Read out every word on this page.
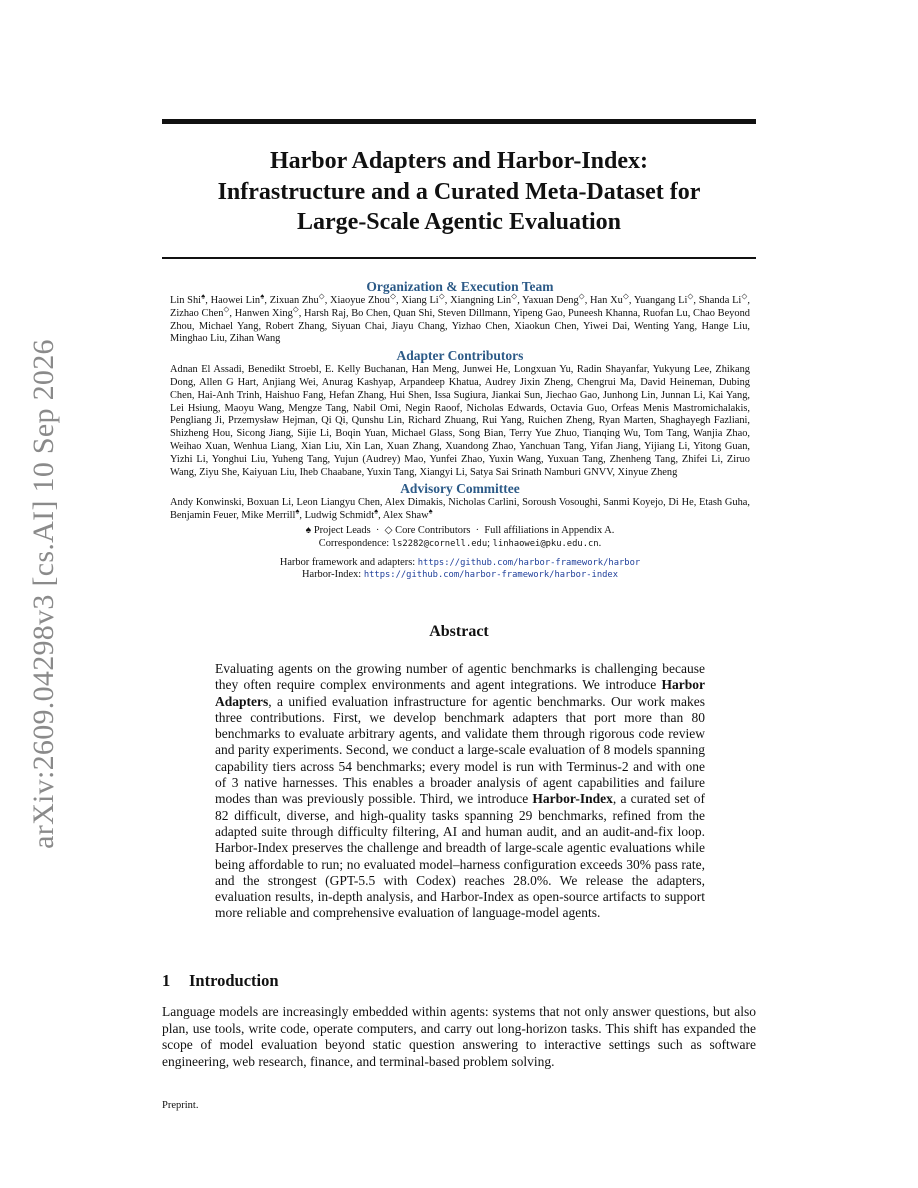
arXiv:2609.04298v3 [cs.AI] 10 Sep 2026
Harbor Adapters and Harbor-Index:
Infrastructure and a Curated Meta-Dataset for
Large-Scale Agentic Evaluation
Organization & Execution Team
Lin Shi♠, Haowei Lin♠, Zixuan Zhu◇, Xiaoyue Zhou◇, Xiang Li◇, Xiangning Lin◇, Yaxuan Deng◇, Han Xu◇, Yuangang Li◇, Shanda Li◇, Zizhao Chen◇, Hanwen Xing◇, Harsh Raj, Bo Chen, Quan Shi, Steven Dillmann, Yipeng Gao, Puneesh Khanna, Ruofan Lu, Chao Beyond Zhou, Michael Yang, Robert Zhang, Siyuan Chai, Jiayu Chang, Yizhao Chen, Xiaokun Chen, Yiwei Dai, Wenting Yang, Hange Liu, Minghao Liu, Zihan Wang
Adapter Contributors
Adnan El Assadi, Benedikt Stroebl, E. Kelly Buchanan, Han Meng, Junwei He, Longxuan Yu, Radin Shayanfar, Yukyung Lee, Zhikang Dong, Allen G Hart, Anjiang Wei, Anurag Kashyap, Arpandeep Khatua, Audrey Jixin Zheng, Chengrui Ma, David Heineman, Dubing Chen, Hai-Anh Trinh, Haishuo Fang, Hefan Zhang, Hui Shen, Issa Sugiura, Jiankai Sun, Jiechao Gao, Junhong Lin, Junnan Li, Kai Yang, Lei Hsiung, Maoyu Wang, Mengze Tang, Nabil Omi, Negin Raoof, Nicholas Edwards, Octavia Guo, Orfeas Menis Mastromichalakis, Pengliang Ji, Przemysław Hejman, Qi Qi, Qunshu Lin, Richard Zhuang, Rui Yang, Ruichen Zheng, Ryan Marten, Shaghayegh Fazliani, Shizheng Hou, Sicong Jiang, Sijie Li, Boqin Yuan, Michael Glass, Song Bian, Terry Yue Zhuo, Tianqing Wu, Tom Tang, Wanjia Zhao, Weihao Xuan, Wenhua Liang, Xian Liu, Xin Lan, Xuan Zhang, Xuandong Zhao, Yanchuan Tang, Yifan Jiang, Yijiang Li, Yitong Guan, Yizhi Li, Yonghui Liu, Yuheng Tang, Yujun (Audrey) Mao, Yunfei Zhao, Yuxin Wang, Yuxuan Tang, Zhenheng Tang, Zhifei Li, Ziruo Wang, Ziyu She, Kaiyuan Liu, Iheb Chaabane, Yuxin Tang, Xiangyi Li, Satya Sai Srinath Namburi GNVV, Xinyue Zheng
Advisory Committee
Andy Konwinski, Boxuan Li, Leon Liangyu Chen, Alex Dimakis, Nicholas Carlini, Soroush Vosoughi, Sanmi Koyejo, Di He, Etash Guha, Benjamin Feuer, Mike Merrill♠, Ludwig Schmidt♠, Alex Shaw♠
♠ Project Leads · ◇ Core Contributors · Full affiliations in Appendix A.
Correspondence: ls2282@cornell.edu; linhaowei@pku.edu.cn.
Harbor framework and adapters: https://github.com/harbor-framework/harbor
Harbor-Index: https://github.com/harbor-framework/harbor-index
Abstract
Evaluating agents on the growing number of agentic benchmarks is challenging because they often require complex environments and agent integrations. We introduce Harbor Adapters, a unified evaluation infrastructure for agentic benchmarks. Our work makes three contributions. First, we develop benchmark adapters that port more than 80 benchmarks to evaluate arbitrary agents, and validate them through rigorous code review and parity experiments. Second, we conduct a large-scale evaluation of 8 models spanning capability tiers across 54 benchmarks; every model is run with Terminus-2 and with one of 3 native harnesses. This enables a broader analysis of agent capabilities and failure modes than was previously possible. Third, we introduce Harbor-Index, a curated set of 82 difficult, diverse, and high-quality tasks spanning 29 benchmarks, refined from the adapted suite through difficulty filtering, AI and human audit, and an audit-and-fix loop. Harbor-Index preserves the challenge and breadth of large-scale agentic evaluations while being affordable to run; no evaluated model–harness configuration exceeds 30% pass rate, and the strongest (GPT-5.5 with Codex) reaches 28.0%. We release the adapters, evaluation results, in-depth analysis, and Harbor-Index as open-source artifacts to support more reliable and comprehensive evaluation of language-model agents.
1 Introduction
Language models are increasingly embedded within agents: systems that not only answer questions, but also plan, use tools, write code, operate computers, and carry out long-horizon tasks. This shift has expanded the scope of model evaluation beyond static question answering to interactive settings such as software engineering, web research, finance, and terminal-based problem solving.
Preprint.
